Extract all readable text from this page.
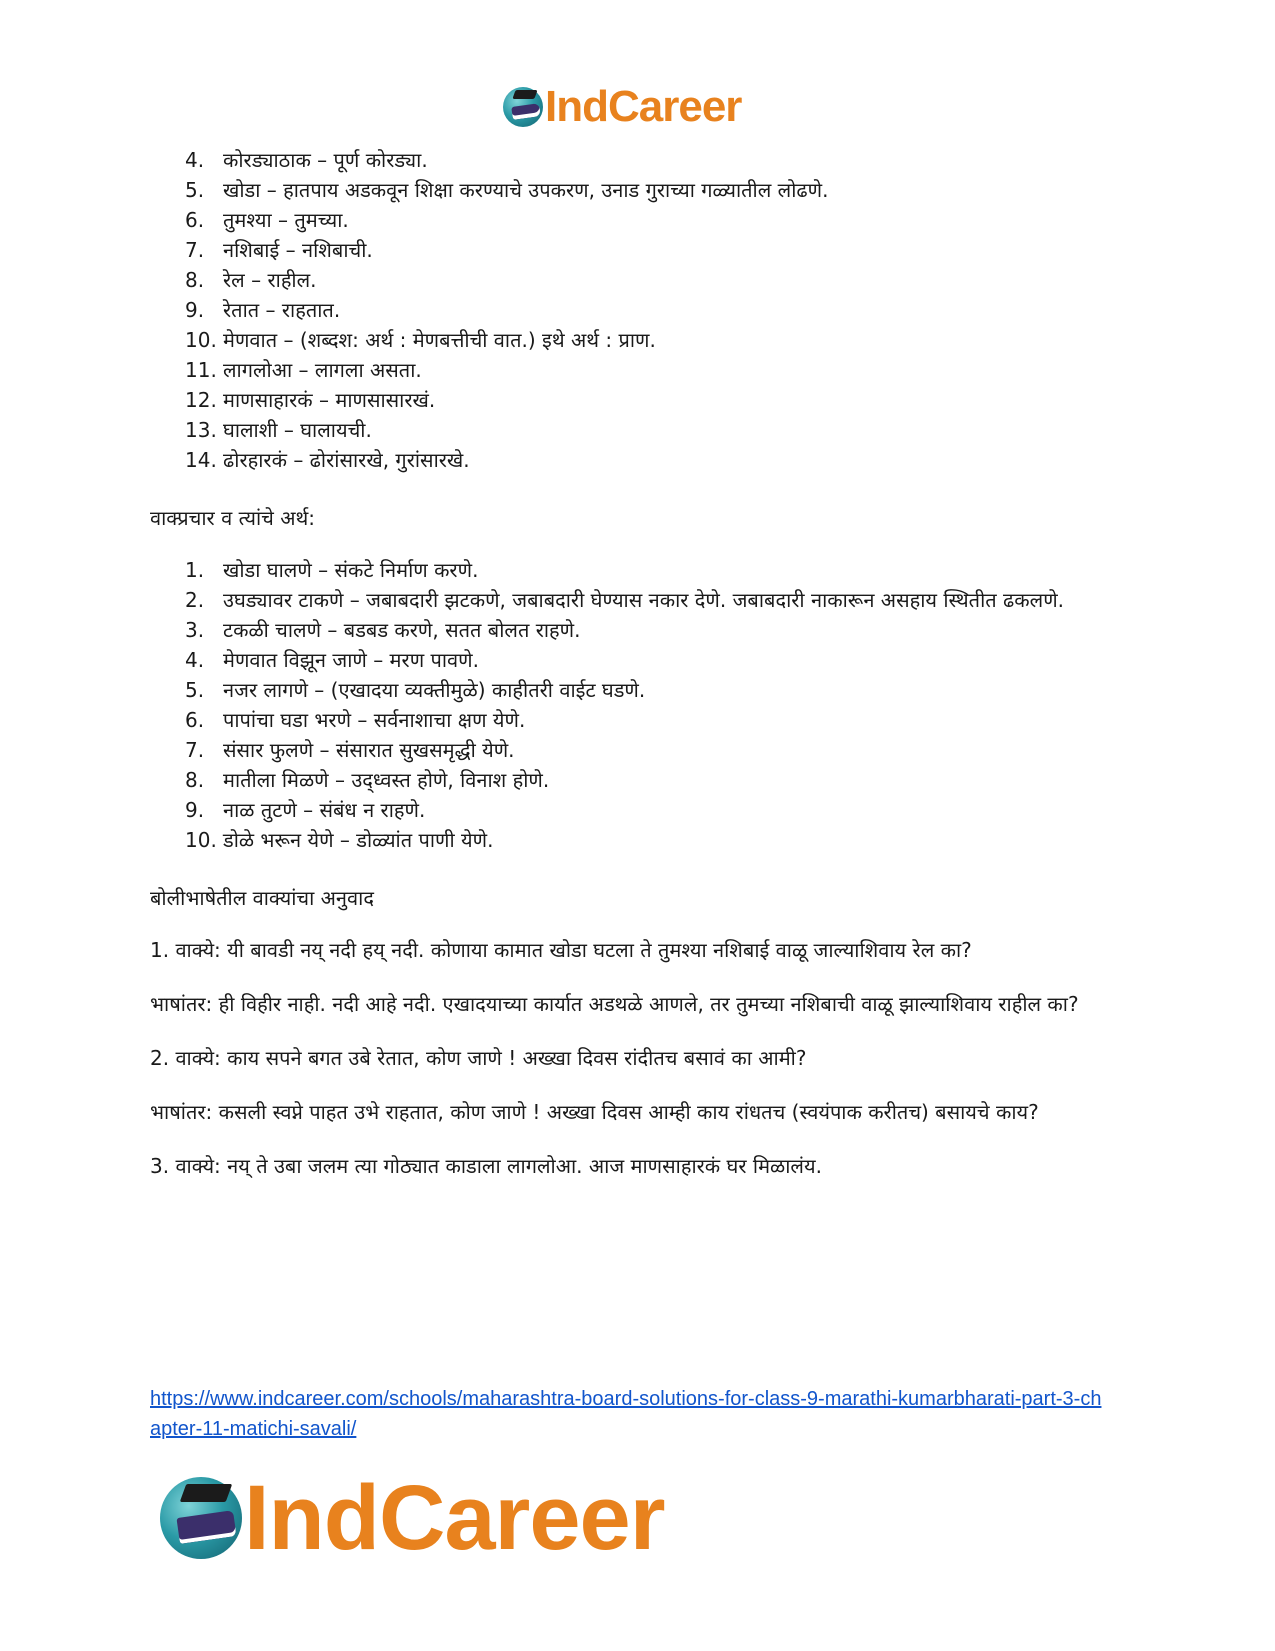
IndCareer
4. कोरड्याठाक – पूर्ण कोरड्या.
5. खोडा – हातपाय अडकवून शिक्षा करण्याचे उपकरण, उनाड गुराच्या गळ्यातील लोढणे.
6. तुमश्या – तुमच्या.
7. नशिबाई – नशिबाची.
8. रेल – राहील.
9. रेतात – राहतात.
10. मेणवात – (शब्दश: अर्थ : मेणबत्तीची वात.) इथे अर्थ : प्राण.
11. लागलोआ – लागला असता.
12. माणसाहारकं – माणसासारखं.
13. घालाशी – घालायची.
14. ढोरहारकं – ढोरांसारखे, गुरांसारखे.
वाक्प्रचार व त्यांचे अर्थ:
1. खोडा घालणे – संकटे निर्माण करणे.
2. उघड्यावर टाकणे – जबाबदारी झटकणे, जबाबदारी घेण्यास नकार देणे. जबाबदारी नाकारून असहाय स्थितीत ढकलणे.
3. टकळी चालणे – बडबड करणे, सतत बोलत राहणे.
4. मेणवात विझून जाणे – मरण पावणे.
5. नजर लागणे – (एखादया व्यक्तीमुळे) काहीतरी वाईट घडणे.
6. पापांचा घडा भरणे – सर्वनाशाचा क्षण येणे.
7. संसार फुलणे – संसारात सुखसमृद्धी येणे.
8. मातीला मिळणे – उद्ध्वस्त होणे, विनाश होणे.
9. नाळ तुटणे – संबंध न राहणे.
10. डोळे भरून येणे – डोळ्यांत पाणी येणे.
बोलीभाषेतील वाक्यांचा अनुवाद
1. वाक्ये: यी बावडी नय् नदी हय् नदी. कोणाया कामात खोडा घटला ते तुमश्या नशिबाई वाळू जाल्याशिवाय रेल का?
भाषांतर: ही विहीर नाही. नदी आहे नदी. एखादयाच्या कार्यात अडथळे आणले, तर तुमच्या नशिबाची वाळू झाल्याशिवाय राहील का?
2. वाक्ये: काय सपने बगत उबे रेतात, कोण जाणे ! अख्खा दिवस रांदीतच बसावं का आमी?
भाषांतर: कसली स्वप्ने पाहत उभे राहतात, कोण जाणे ! अख्खा दिवस आम्ही काय रांधतच (स्वयंपाक करीतच) बसायचे काय?
3. वाक्ये: नय् ते उबा जलम त्या गोठ्यात काडाला लागलोआ. आज माणसाहारकं घर मिळालंय.
https://www.indcareer.com/schools/maharashtra-board-solutions-for-class-9-marathi-kumarbharati-part-3-chapter-11-matichi-savali/
IndCareer
